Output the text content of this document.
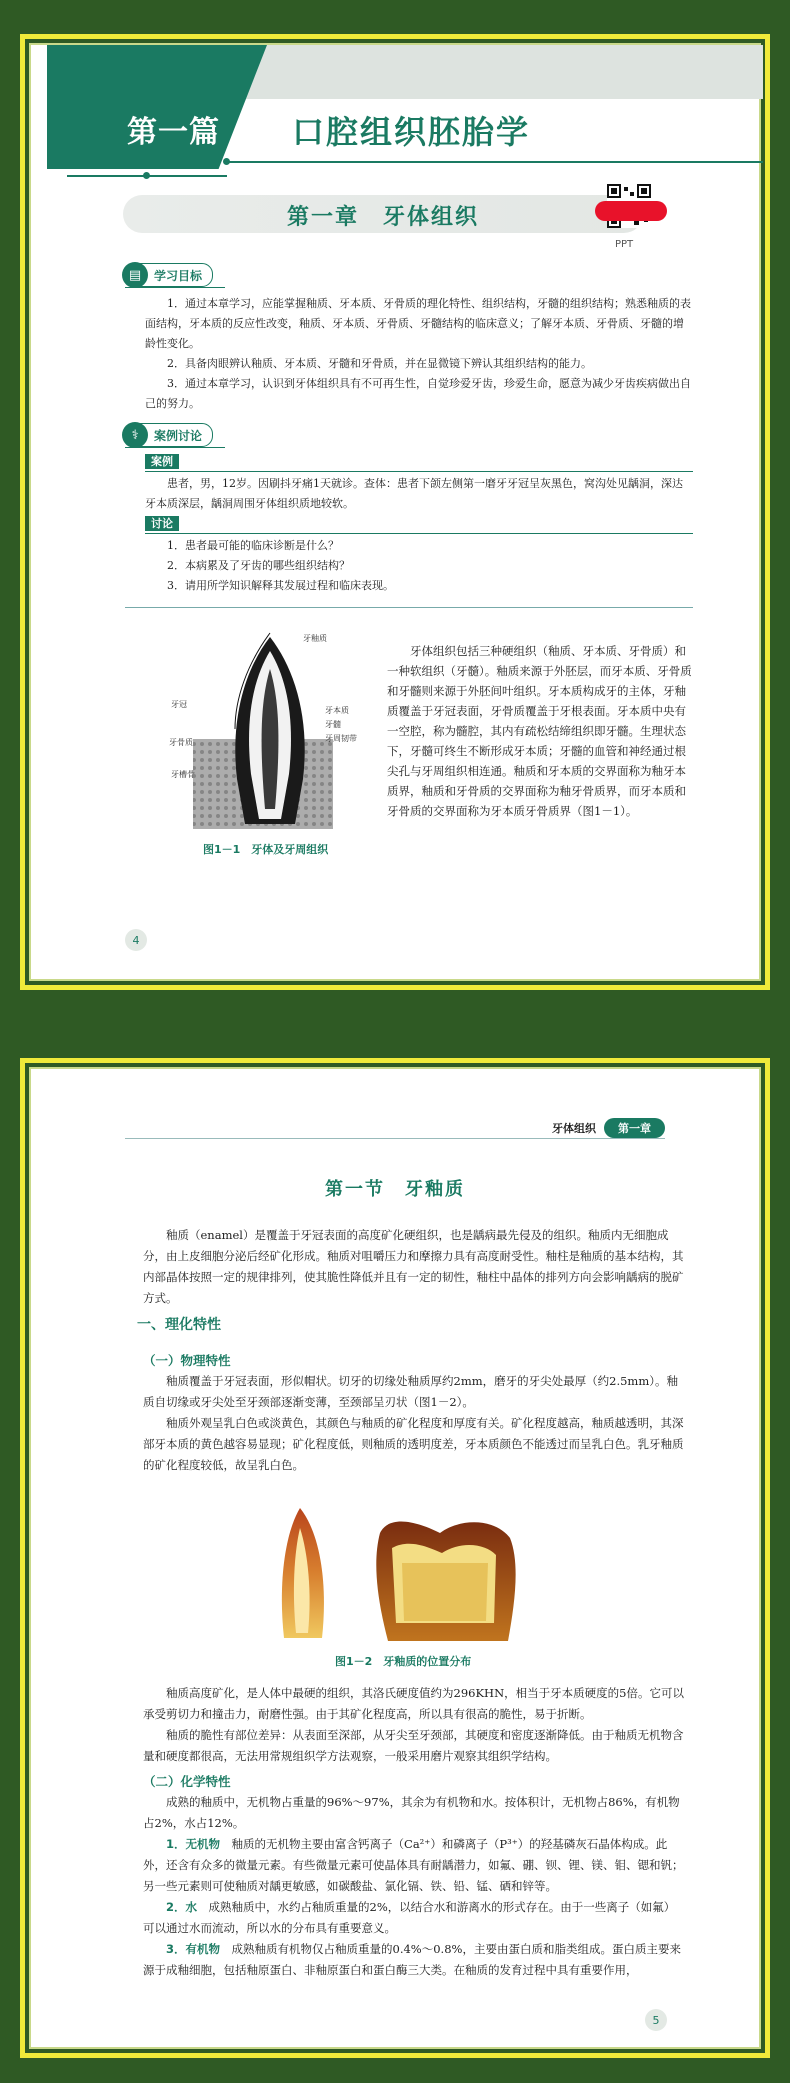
第一篇 口腔组织胚胎学
第一章　牙体组织
PPT
▤	学习目标

1．通过本章学习，应能掌握釉质、牙本质、牙骨质的理化特性、组织结构，牙髓的组织结构；熟悉釉质的表面结构，牙本质的反应性改变，釉质、牙本质、牙骨质、牙髓结构的临床意义；了解牙本质、牙骨质、牙髓的增龄性变化。

2．具备肉眼辨认釉质、牙本质、牙髓和牙骨质，并在显微镜下辨认其组织结构的能力。

3．通过本章学习，认识到牙体组织具有不可再生性，自觉珍爱牙齿，珍爱生命，愿意为减少牙齿疾病做出自己的努力。

⚕	案例讨论
案例

患者，男，12岁。因刷抖牙痛1天就诊。查体：患者下颌左侧第一磨牙牙冠呈灰黑色，窝沟处见龋洞，深达牙本质深层，龋洞周围牙体组织质地较软。

讨论

1．患者最可能的临床诊断是什么？

2．本病累及了牙齿的哪些组织结构？

3．请用所学知识解释其发展过程和临床表现。

牙釉质
牙本质
牙髓
牙周韧带
牙冠
牙骨质
牙槽骨
图1－1　牙体及牙周组织

牙体组织包括三种硬组织（釉质、牙本质、牙骨质）和一种软组织（牙髓）。釉质来源于外胚层，而牙本质、牙骨质和牙髓则来源于外胚间叶组织。牙本质构成牙的主体，牙釉质覆盖于牙冠表面，牙骨质覆盖于牙根表面。牙本质中央有一空腔，称为髓腔，其内有疏松结缔组织即牙髓。生理状态下，牙髓可终生不断形成牙本质；牙髓的血管和神经通过根尖孔与牙周组织相连通。釉质和牙本质的交界面称为釉牙本质界，釉质和牙骨质的交界面称为釉牙骨质界，而牙本质和牙骨质的交界面称为牙本质牙骨质界（图1－1）。

4
牙体组织	第一章
第一节　牙釉质

釉质（enamel）是覆盖于牙冠表面的高度矿化硬组织，也是龋病最先侵及的组织。釉质内无细胞成分，由上皮细胞分泌后经矿化形成。釉质对咀嚼压力和摩擦力具有高度耐受性。釉柱是釉质的基本结构，其内部晶体按照一定的规律排列，使其脆性降低并且有一定的韧性，釉柱中晶体的排列方向会影响龋病的脱矿方式。

一、理化特性
（一）物理特性

釉质覆盖于牙冠表面，形似帽状。切牙的切缘处釉质厚约2mm，磨牙的牙尖处最厚（约2.5mm）。釉质自切缘或牙尖处至牙颈部逐渐变薄，至颈部呈刃状（图1－2）。

釉质外观呈乳白色或淡黄色，其颜色与釉质的矿化程度和厚度有关。矿化程度越高，釉质越透明，其深部牙本质的黄色越容易显现；矿化程度低，则釉质的透明度差，牙本质颜色不能透过而呈乳白色。乳牙釉质的矿化程度较低，故呈乳白色。

图1－2　牙釉质的位置分布

釉质高度矿化，是人体中最硬的组织，其洛氏硬度值约为296KHN，相当于牙本质硬度的5倍。它可以承受剪切力和撞击力，耐磨性强。由于其矿化程度高，所以具有很高的脆性，易于折断。

釉质的脆性有部位差异：从表面至深部，从牙尖至牙颈部，其硬度和密度逐渐降低。由于釉质无机物含量和硬度都很高，无法用常规组织学方法观察，一般采用磨片观察其组织学结构。

（二）化学特性

成熟的釉质中，无机物占重量的96%～97%，其余为有机物和水。按体积计，无机物占86%，有机物占2%，水占12%。

1．无机物　 釉质的无机物主要由富含钙离子（Ca²⁺）和磷离子（P³⁺）的羟基磷灰石晶体构成。此外，还含有众多的微量元素。有些微量元素可使晶体具有耐龋潜力，如氟、硼、钡、锂、镁、钼、锶和钒；另一些元素则可使釉质对龋更敏感，如碳酸盐、氯化镉、铁、铅、锰、硒和锌等。

2．水　 成熟釉质中，水约占釉质重量的2%，以结合水和游离水的形式存在。由于一些离子（如氟）可以通过水而流动，所以水的分布具有重要意义。

3．有机物　 成熟釉质有机物仅占釉质重量的0.4%～0.8%，主要由蛋白质和脂类组成。蛋白质主要来源于成釉细胞，包括釉原蛋白、非釉原蛋白和蛋白酶三大类。在釉质的发育过程中具有重要作用，

5
